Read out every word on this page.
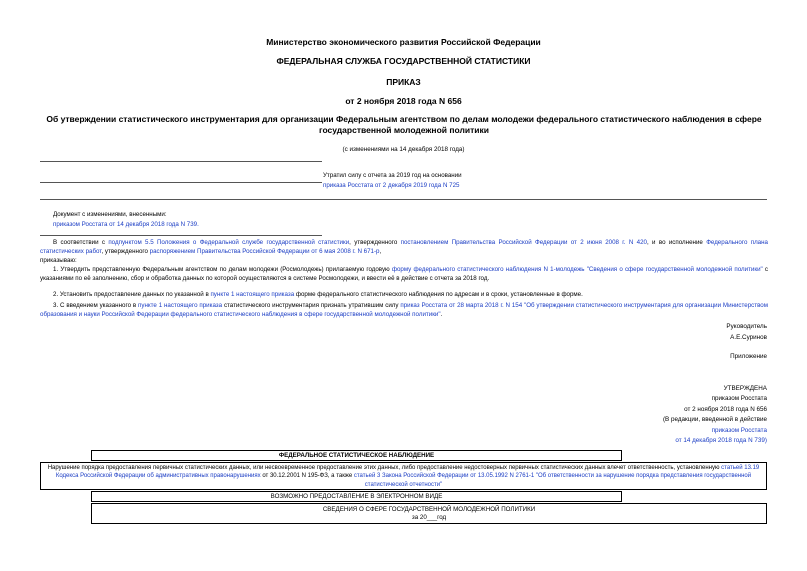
Министерство экономического развития Российской Федерации
ФЕДЕРАЛЬНАЯ СЛУЖБА ГОСУДАРСТВЕННОЙ СТАТИСТИКИ
ПРИКАЗ
от 2 ноября 2018 года N 656
Об утверждении статистического инструментария для организации Федеральным агентством по делам молодежи федерального статистического наблюдения в сфере государственной молодежной политики
(с изменениями на 14 декабря 2018 года)
Утратил силу с отчета за 2019 год на основании
приказа Росстата от 2 декабря 2019 года N 725
Документ с изменениями, внесенными:
приказом Росстата от 14 декабря 2018 года N 739.
В соответствии с подпунктом 5.5 Положения о Федеральной службе государственной статистики, утвержденного постановлением Правительства Российской Федерации от 2 июня 2008 г. N 420, и во исполнение Федерального плана статистических работ, утвержденного распоряжением Правительства Российской Федерации от 6 мая 2008 г. N 671-р,
приказываю:
1. Утвердить представленную Федеральным агентством по делам молодежи (Росмолодежь) прилагаемую годовую форму федерального статистического наблюдения N 1-молодежь "Сведения о сфере государственной молодежной политики" с указаниями по её заполнению, сбор и обработка данных по которой осуществляются в системе Росмолодежи, и ввести её в действие с отчета за 2018 год.
2. Установить предоставление данных по указанной в пункте 1 настоящего приказа форме федерального статистического наблюдения по адресам и в сроки, установленные в форме.
3. С введением указанного в пункте 1 настоящего приказа статистического инструментария признать утратившим силу приказ Росстата от 28 марта 2018 г. N 154 "Об утверждении статистического инструментария для организации Министерством образования и науки Российской Федерации федерального статистического наблюдения в сфере государственной молодежной политики".
Руководитель
А.Е.Суринов
Приложение
УТВЕРЖДЕНА
приказом Росстата
от 2 ноября 2018 года N 656
(В редакции, введенной в действие
приказом Росстата
от 14 декабря 2018 года N 739)
ФЕДЕРАЛЬНОЕ СТАТИСТИЧЕСКОЕ НАБЛЮДЕНИЕ
Нарушение порядка предоставления первичных статистических данных, или несвоевременное предоставление этих данных, либо предоставление недостоверных первичных статистических данных влечет ответственность, установленную статьей 13.19 Кодекса Российской Федерации об административных правонарушениях от 30.12.2001 N 195-ФЗ, а также статьей 3 Закона Российской Федерации от 13.05.1992 N 2761-1 "Об ответственности за нарушение порядка представления государственной статистической отчетности"
ВОЗМОЖНО ПРЕДОСТАВЛЕНИЕ В ЭЛЕКТРОННОМ ВИДЕ
СВЕДЕНИЯ О СФЕРЕ ГОСУДАРСТВЕННОЙ МОЛОДЕЖНОЙ ПОЛИТИКИ
за 20___год
